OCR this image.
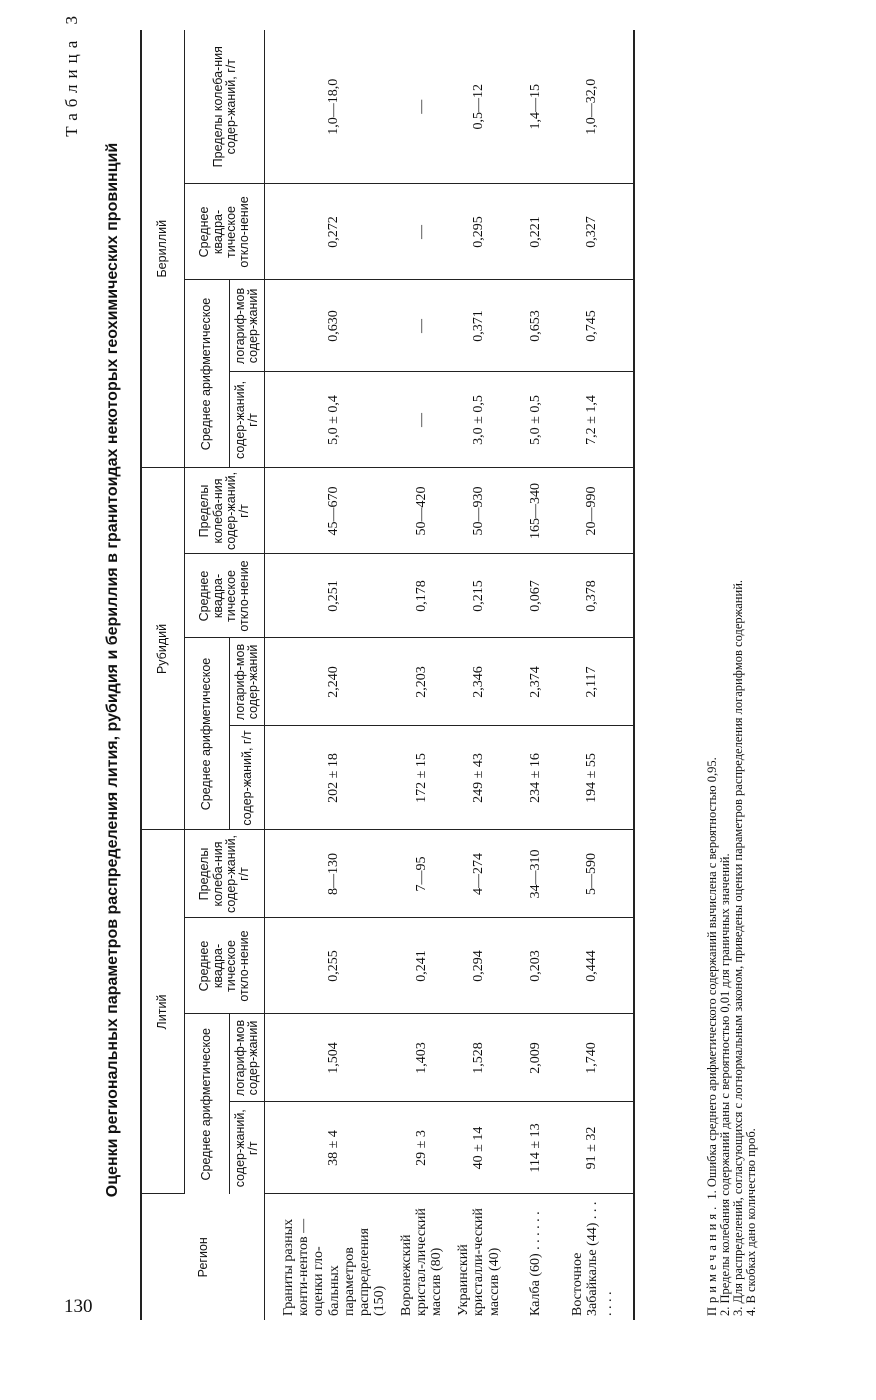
130
Таблица 3
Оценки региональных параметров распределения лития, рубидия и бериллия в гранитоидах некоторых геохимических провинций
Регион	Литий				Рубидий				Бериллий			
	Среднее арифметическое		Среднее квадра-тическое откло-нение	Пределы колеба-ния содер-жаний, г/т	Среднее арифметическое		Среднее квадра-тическое откло-нение	Пределы колеба-ния содер-жаний, г/т	Среднее арифметическое		Среднее квадра-тическое откло-нение	Пределы колеба-ния содер-жаний, г/т
	содер-жаний, г/т	логариф-мов содер-жаний			содер-жаний, г/т	логариф-мов содер-жаний			содер-жаний, г/т	логариф-мов содер-жаний		
Граниты разных конти-нентов — оценки гло-бальных параметров распределения (150)	38 ± 4	1,504	0,255	8—130	202 ± 18	2,240	0,251	45—670	5,0 ± 0,4	0,630	0,272	1,0—18,0
Воронежский кристал-лический массив (80)	29 ± 3	1,403	0,241	7—95	172 ± 15	2,203	0,178	50—420	—	—	—	—
Украинский кристалли-ческий массив (40)	40 ± 14	1,528	0,294	4—274	249 ± 43	2,346	0,215	50—930	3,0 ± 0,5	0,371	0,295	0,5—12
Калба (60) . . . . . .	114 ± 13	2,009	0,203	34—310	234 ± 16	2,374	0,067	165—340	5,0 ± 0,5	0,653	0,221	1,4—15
Восточное Забайкалье (44) . . . . . . .	91 ± 32	1,740	0,444	5—590	194 ± 55	2,117	0,378	20—990	7,2 ± 1,4	0,745	0,327	1,0—32,0
Примечания. 1. Ошибка среднего арифметического содержаний вычислена с вероятностью 0,95. 2. Пределы колебания содержаний даны с вероятностью 0,01 для граничных значений. 3. Для распределений, согласующихся с логнормальным законом, приведены оценки параметров распределения логарифмов содержаний. 4. В скобках дано количество проб.
